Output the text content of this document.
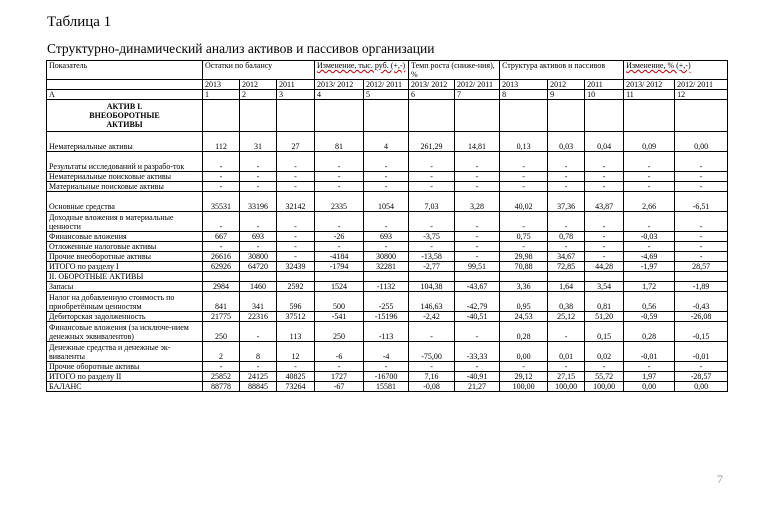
Таблица 1
Структурно-динамический анализ активов и пассивов организации
Показатель	Остатки по балансу			Изменение, тыс. руб. (+,-)		Темп роста (сниже-ния), %		Структура активов и пассивов			Изменение, % (+,-)	
	2013	2012	2011	2013/ 2012	2012/ 2011	2013/ 2012	2012/ 2011	2013	2012	2011	2013/ 2012	2012/ 2011
А	1	2	3	4	5	6	7	8	9	10	11	12
АКТИВ I. ВНЕОБОРОТНЫЕ АКТИВЫ												
Нематериальные активы	112	31	27	81	4	261,29	14,81	0,13	0,03	0,04	0,09	0,00
Результаты исследований и разрабо-ток	-	-	-	-	-	-	-	-	-	-	-	-
Нематериальные поисковые активы	-	-	-	-	-	-	-	-	-	-	-	-
Материальные поисковые активы	-	-	-	-	-	-	-	-	-	-	-	-
Основные средства	35531	33196	32142	2335	1054	7,03	3,28	40,02	37,36	43,87	2,66	-6,51
Доходные вложения в материальные ценности	-	-	-	-	-	-	-	-	-	-	-	-
Финансовые вложения	667	693	-	-26	693	-3,75	-	0,75	0,78	-	-0,03	-
Отложенные налоговые активы	-	-	-	-	-	-	-	-	-	-	-	-
Прочие внеоборотные активы	26616	30800	-	-4184	30800	-13,58	-	29,98	34,67	-	-4,69	-
ИТОГО по разделу I	62926	64720	32439	-1794	32281	-2,77	99,51	70,88	72,85	44,28	-1,97	28,57
II. ОБОРОТНЫЕ АКТИВЫ												
Запасы	2984	1460	2592	1524	-1132	104,38	-43,67	3,36	1,64	3,54	1,72	-1,89
Налог на добавленную стоимость по приобретённым ценностям	841	341	596	500	-255	146,63	-42,79	0,95	0,38	0,81	0,56	-0,43
Дебиторская задолженность	21775	22316	37512	-541	-15196	-2,42	-40,51	24,53	25,12	51,20	-0,59	-26,08
Финансовые вложения (за исключе-нием денежных эквивалентов)	250	-	113	250	-113	-	-	0,28	-	0,15	0,28	-0,15
Денежные средства и денежные эк-виваленты	2	8	12	-6	-4	-75,00	-33,33	0,00	0,01	0,02	-0,01	-0,01
Прочие оборотные активы	-	-	-	-	-	-	-	-	-	-	-	-
ИТОГО по разделу II	25852	24125	40825	1727	-16700	7,16	-40,91	29,12	27,15	55,72	1,97	-28,57
БАЛАНС	88778	88845	73264	-67	15581	-0,08	21,27	100,00	100,00	100,00	0,00	0,00
7
